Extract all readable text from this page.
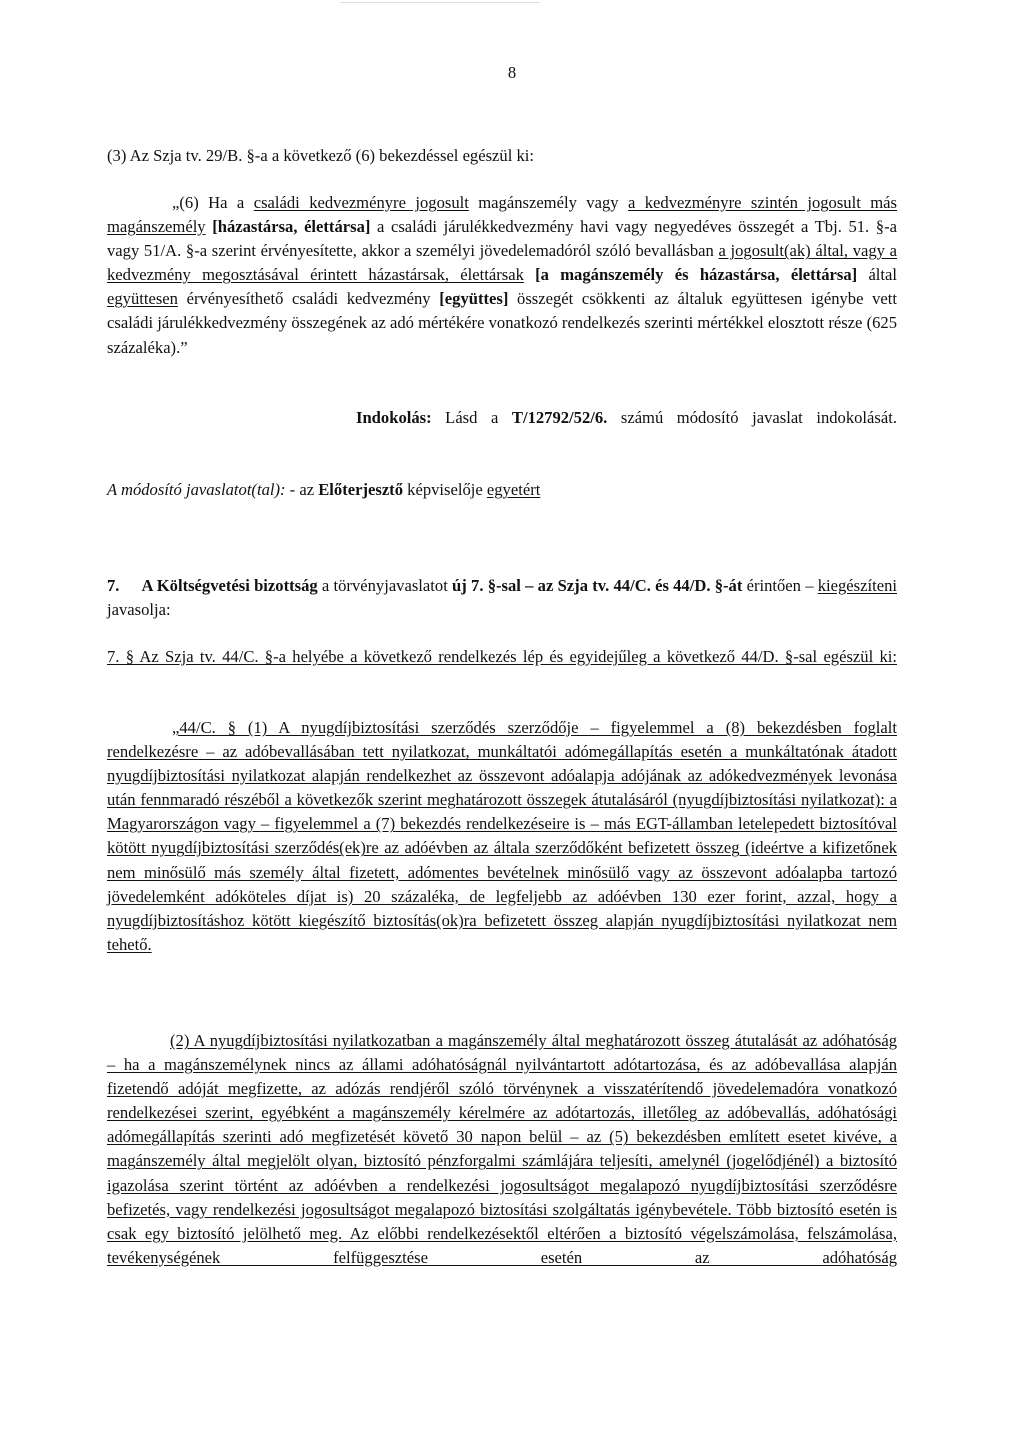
8
(3) Az Szja tv. 29/B. §-a a következő (6) bekezdéssel egészül ki:
„(6) Ha a családi kedvezményre jogosult magánszemély vagy a kedvezményre szintén jogosult más magánszemély [házastársa, élettársa] a családi járulékkedvezmény havi vagy negyedéves összegét a Tbj. 51. §-a vagy 51/A. §-a szerint érvényesítette, akkor a személyi jövedelemadóról szóló bevallásban a jogosult(ak) által, vagy a kedvezmény megosztásával érintett házastársak, élettársak [a magánszemély és házastársa, élettársa] által együttesen érvényesíthető családi kedvezmény [együttes] összegét csökkenti az általuk együttesen igénybe vett családi járulékkedvezmény összegének az adó mértékére vonatkozó rendelkezés szerinti mértékkel elosztott része (625 százaléka).”
Indokolás: Lásd a T/12792/52/6. számú módosító javaslat indokolását.
A módosító javaslatot(tal): - az Előterjesztő képviselője egyetért
7. A Költségvetési bizottság a törvényjavaslatot új 7. §-sal – az Szja tv. 44/C. és 44/D. §-át érintően – kiegészíteni javasolja:
7. § Az Szja tv. 44/C. §-a helyébe a következő rendelkezés lép és egyidejűleg a következő 44/D. §-sal egészül ki:
„44/C. § (1) A nyugdíjbiztosítási szerződés szerződője – figyelemmel a (8) bekezdésben foglalt rendelkezésre – az adóbevallásában tett nyilatkozat, munkáltatói adómegállapítás esetén a munkáltatónak átadott nyugdíjbiztosítási nyilatkozat alapján rendelkezhet az összevont adóalapja adójának az adókedvezmények levonása után fennmaradó részéből a következők szerint meghatározott összegek átutalásáról (nyugdíjbiztosítási nyilatkozat): a Magyarországon vagy – figyelemmel a (7) bekezdés rendelkezéseire is – más EGT-államban letelepedett biztosítóval kötött nyugdíjbiztosítási szerződés(ek)re az adóévben az általa szerződőként befizetett összeg (ideértve a kifizetőnek nem minősülő más személy által fizetett, adómentes bevételnek minősülő vagy az összevont adóalapba tartozó jövedelemként adóköteles díjat is) 20 százaléka, de legfeljebb az adóévben 130 ezer forint, azzal, hogy a nyugdíjbiztosításhoz kötött kiegészítő biztosítás(ok)ra befizetett összeg alapján nyugdíjbiztosítási nyilatkozat nem tehető.
(2) A nyugdíjbiztosítási nyilatkozatban a magánszemély által meghatározott összeg átutalását az adóhatóság – ha a magánszemélynek nincs az állami adóhatóságnál nyilvántartott adótartozása, és az adóbevallása alapján fizetendő adóját megfizette, az adózás rendjéről szóló törvénynek a visszatérítendő jövedelemadóra vonatkozó rendelkezései szerint, egyébként a magánszemély kérelmére az adótartozás, illetőleg az adóbevallás, adóhatósági adómegállapítás szerinti adó megfizetését követő 30 napon belül – az (5) bekezdésben említett esetet kivéve, a magánszemély által megjelölt olyan, biztosító pénzforgalmi számlájára teljesíti, amelynél (jogelődjénél) a biztosító igazolása szerint történt az adóévben a rendelkezési jogosultságot megalapozó nyugdíjbiztosítási szerződésre befizetés, vagy rendelkezési jogosultságot megalapozó biztosítási szolgáltatás igénybevétele. Több biztosító esetén is csak egy biztosító jelölhető meg. Az előbbi rendelkezésektől eltérően a biztosító végelszámolása, felszámolása, tevékenységének felfüggesztése esetén az adóhatóság
